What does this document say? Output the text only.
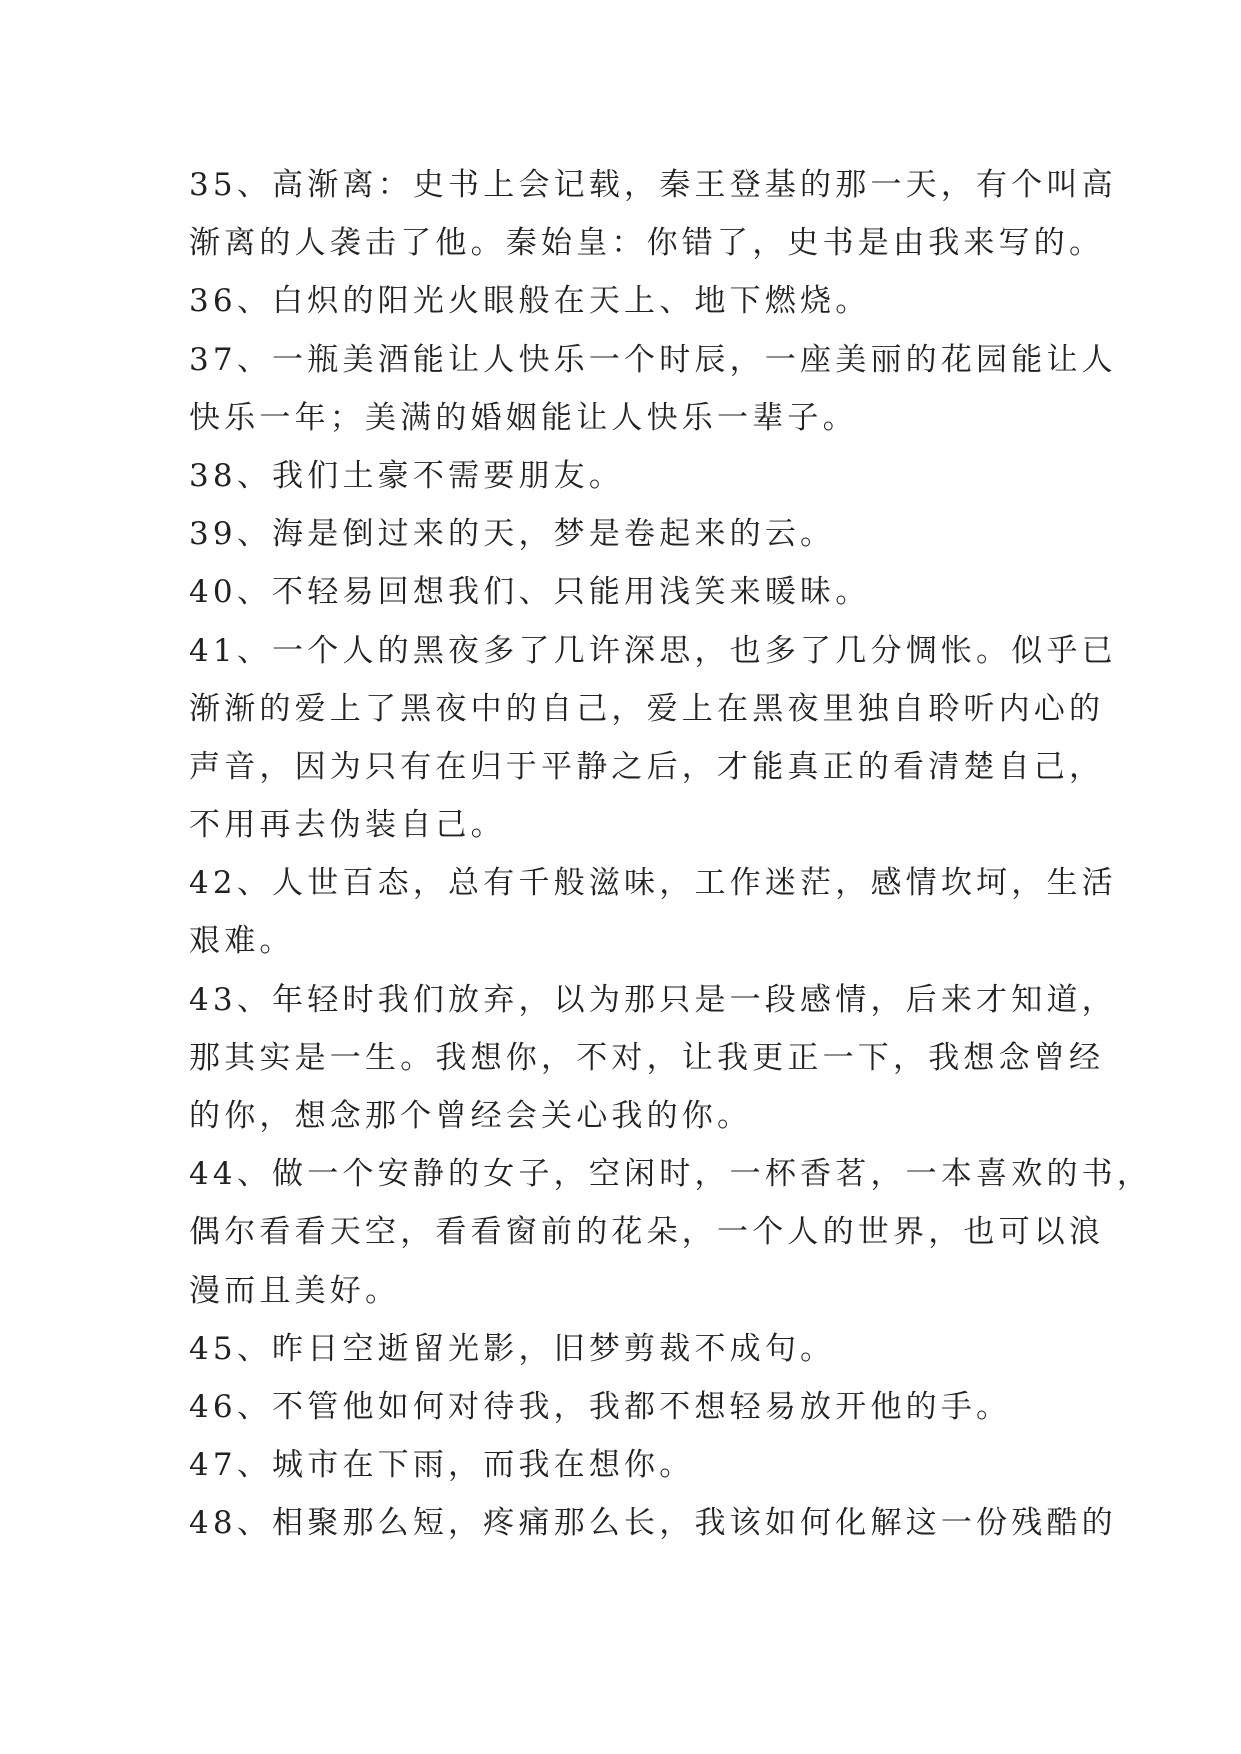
35、高渐离：史书上会记载，秦王登基的那一天，有个叫高
渐离的人袭击了他。秦始皇：你错了，史书是由我来写的。
36、白炽的阳光火眼般在天上、地下燃烧。
37、一瓶美酒能让人快乐一个时辰，一座美丽的花园能让人
快乐一年；美满的婚姻能让人快乐一辈子。
38、我们土豪不需要朋友。
39、海是倒过来的天，梦是卷起来的云。
40、不轻易回想我们、只能用浅笑来暖昧。
41、一个人的黑夜多了几许深思，也多了几分惆怅。似乎已
渐渐的爱上了黑夜中的自己，爱上在黑夜里独自聆听内心的
声音，因为只有在归于平静之后，才能真正的看清楚自己，
不用再去伪装自己。
42、人世百态，总有千般滋味，工作迷茫，感情坎坷，生活
艰难。
43、年轻时我们放弃，以为那只是一段感情，后来才知道，
那其实是一生。我想你，不对，让我更正一下，我想念曾经
的你，想念那个曾经会关心我的你。
44、做一个安静的女子，空闲时，一杯香茗，一本喜欢的书，
偶尔看看天空，看看窗前的花朵，一个人的世界，也可以浪
漫而且美好。
45、昨日空逝留光影，旧梦剪裁不成句。
46、不管他如何对待我，我都不想轻易放开他的手。
47、城市在下雨，而我在想你。
48、相聚那么短，疼痛那么长，我该如何化解这一份残酷的
